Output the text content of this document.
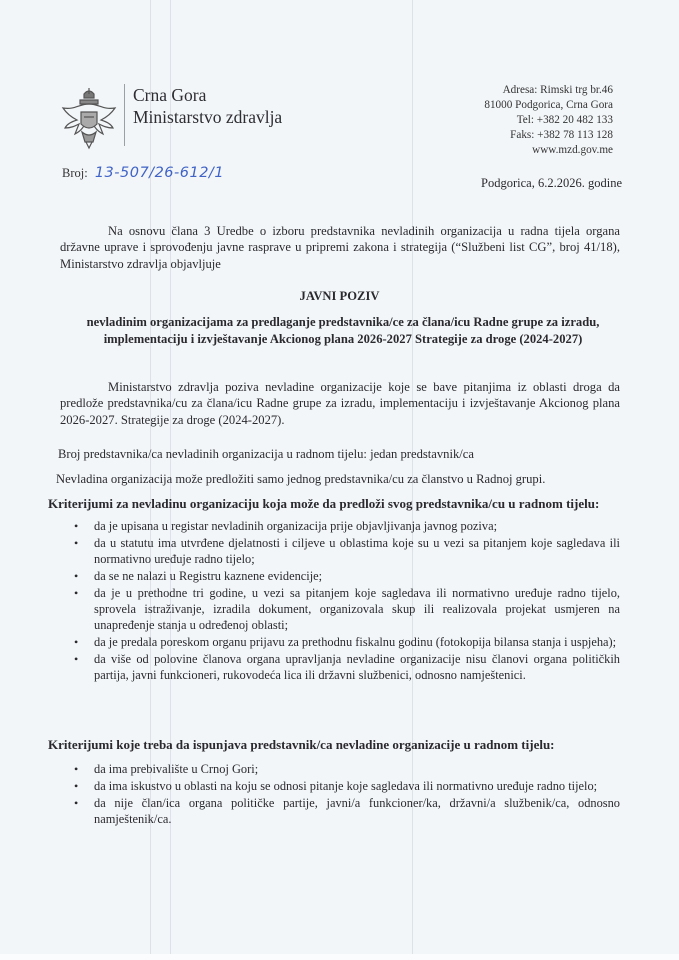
Crna Gora
Ministarstvo zdravlja
Adresa: Rimski trg br.46
81000 Podgorica, Crna Gora
Tel: +382 20 482 133
Faks: +382 78 113 128
www.mzd.gov.me
Broj: 13-507/26-612/1
Podgorica, 6.2.2026. godine
Na osnovu člana 3 Uredbe o izboru predstavnika nevladinih organizacija u radna tijela organa državne uprave i sprovođenju javne rasprave u pripremi zakona i strategija (“Službeni list CG”, broj 41/18), Ministarstvo zdravlja objavljuje
JAVNI POZIV
nevladinim organizacijama za predlaganje predstavnika/ce za člana/icu Radne grupe za izradu, implementaciju i izvještavanje Akcionog plana 2026-2027 Strategije za droge (2024-2027)
Ministarstvo zdravlja poziva nevladine organizacije koje se bave pitanjima iz oblasti droga da predlože predstavnika/cu za člana/icu Radne grupe za izradu, implementaciju i izvještavanje Akcionog plana 2026-2027. Strategije za droge (2024-2027).
Broj predstavnika/ca nevladinih organizacija u radnom tijelu: jedan predstavnik/ca
Nevladina organizacija može predložiti samo jednog predstavnika/cu za članstvo u Radnoj grupi.
Kriterijumi za nevladinu organizaciju koja može da predloži svog predstavnika/cu u radnom tijelu:
• da je upisana u registar nevladinih organizacija prije objavljivanja javnog poziva;
• da u statutu ima utvrđene djelatnosti i ciljeve u oblastima koje su u vezi sa pitanjem koje sagledava ili normativno uređuje radno tijelo;
• da se ne nalazi u Registru kaznene evidencije;
• da je u prethodne tri godine, u vezi sa pitanjem koje sagledava ili normativno uređuje radno tijelo, sprovela istraživanje, izradila dokument, organizovala skup ili realizovala projekat usmjeren na unapređenje stanja u određenoj oblasti;
• da je predala poreskom organu prijavu za prethodnu fiskalnu godinu (fotokopija bilansa stanja i uspjeha);
• da više od polovine članova organa upravljanja nevladine organizacije nisu članovi organa političkih partija, javni funkcioneri, rukovodeća lica ili državni službenici, odnosno namještenici.
Kriterijumi koje treba da ispunjava predstavnik/ca nevladine organizacije u radnom tijelu:
• da ima prebivalište u Crnoj Gori;
• da ima iskustvo u oblasti na koju se odnosi pitanje koje sagledava ili normativno uređuje radno tijelo;
• da nije član/ica organa političke partije, javni/a funkcioner/ka, državni/a službenik/ca, odnosno namještenik/ca.
